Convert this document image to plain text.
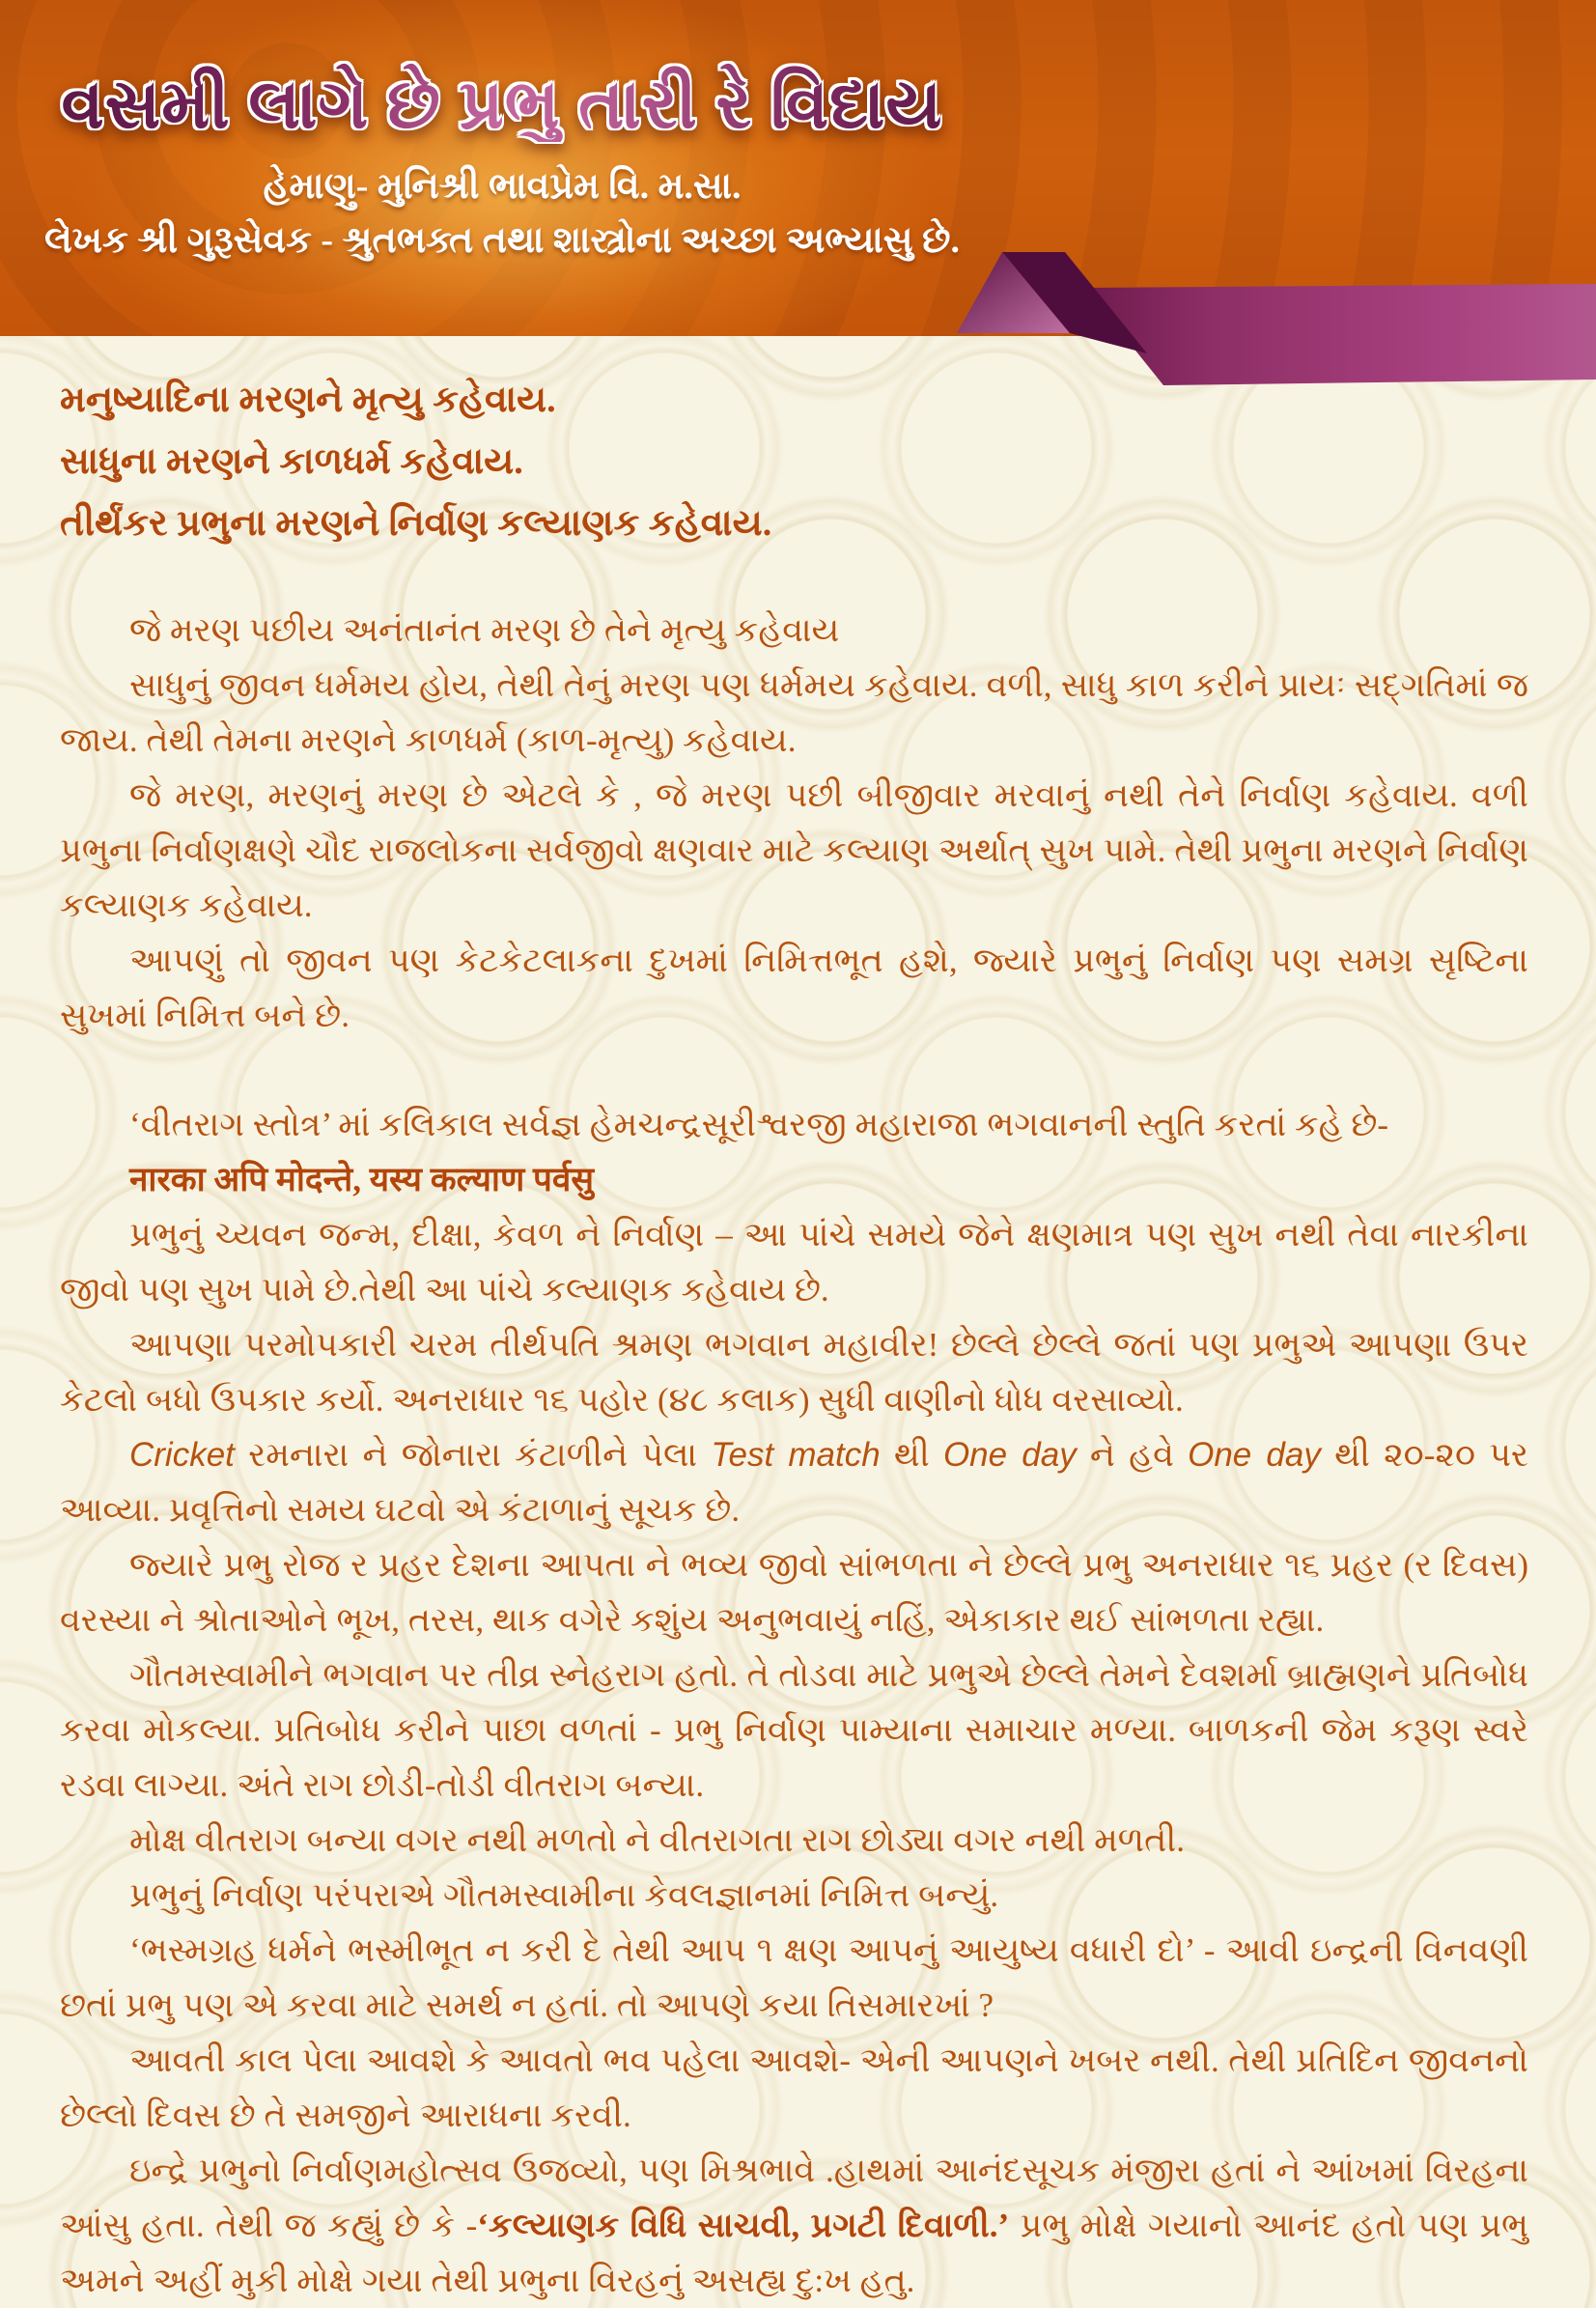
વસમી લાગે છે પ્રભુ તારી રે વિદાય
હેમાણુ- મુનિશ્રી ભાવપ્રેમ વિ. મ.સા.
લેખક શ્રી ગુરૂસેવક - શ્રુતભક્ત તથા શાસ્ત્રોના અચ્છા અભ્યાસુ છે.
મનુષ્યાદિના મરણને મૃત્યુ કહેવાય.
સાધુના મરણને કાળધર્મ કહેવાય.
તીર્થંકર પ્રભુના મરણને નિર્વાણ કલ્યાણક કહેવાય.

જે મરણ પછીય અનંતાનંત મરણ છે તેને મૃત્યુ કહેવાય

સાધુનું જીવન ધર્મમય હોય, તેથી તેનું મરણ પણ ધર્મમય કહેવાય. વળી, સાધુ કાળ કરીને પ્રાયઃ સદ્ગતિમાં જ જાય. તેથી તેમના મરણને કાળધર્મ (કાળ-મૃત્યુ) કહેવાય.

જે મરણ, મરણનું મરણ છે એટલે કે , જે મરણ પછી બીજીવાર મરવાનું નથી તેને નિર્વાણ કહેવાય. વળી પ્રભુના નિર્વાણક્ષણે ચૌદ રાજલોકના સર્વજીવો ક્ષણવાર માટે કલ્યાણ અર્થાત્ સુખ પામે. તેથી પ્રભુના મરણને નિર્વાણ કલ્યાણક કહેવાય.

આપણું તો જીવન પણ કેટકેટલાકના દુખમાં નિમિત્તભૂત હશે, જ્યારે પ્રભુનું નિર્વાણ પણ સમગ્ર સૃષ્ટિના સુખમાં નિમિત્ત બને છે.

‘વીતરાગ સ્તોત્ર’ માં કલિકાલ સર્વજ્ઞ હેમચન્દ્રસૂરીશ્વરજી મહારાજા ભગવાનની સ્તુતિ કરતાં કહે છે-

नारका अपि मोदन्ते, यस्य कल्याण पर्वसु

પ્રભુનું ચ્યવન જન્મ, દીક્ષા, કેવળ ને નિર્વાણ – આ પાંચે સમયે જેને ક્ષણમાત્ર પણ સુખ નથી તેવા નારકીના જીવો પણ સુખ પામે છે.તેથી આ પાંચે કલ્યાણક કહેવાય છે.

આપણા પરમોપકારી ચરમ તીર્થપતિ શ્રમણ ભગવાન મહાવીર! છેલ્લે છેલ્લે જતાં પણ પ્રભુએ આપણા ઉપર કેટલો બધો ઉપકાર કર્યો. અનરાધાર ૧૬ પહોર (૪૮ કલાક) સુધી વાણીનો ધોધ વરસાવ્યો.

Cricket રમનારા ને જોનારા કંટાળીને પેલા Test match થી One day ને હવે One day થી ૨૦-૨૦ પર આવ્યા. પ્રવૃત્તિનો સમય ઘટવો એ કંટાળાનું સૂચક છે.

જ્યારે પ્રભુ રોજ ર પ્રહર દેશના આપતા ને ભવ્ય જીવો સાંભળતા ને છેલ્લે પ્રભુ અનરાધાર ૧૬ પ્રહર (ર દિવસ) વરસ્યા ને શ્રોતાઓને ભૂખ, તરસ, થાક વગેરે કશુંય અનુભવાયું નહિં, એકાકાર થઈ સાંભળતા રહ્યા.

ગૌતમસ્વામીને ભગવાન પર તીવ્ર સ્નેહરાગ હતો. તે તોડવા માટે પ્રભુએ છેલ્લે તેમને દેવશર્મા બ્રાહ્મણને પ્રતિબોધ કરવા મોકલ્યા. પ્રતિબોધ કરીને પાછા વળતાં - પ્રભુ નિર્વાણ પામ્યાના સમાચાર મળ્યા. બાળકની જેમ કરૂણ સ્વરે રડવા લાગ્યા. અંતે રાગ છોડી-તોડી વીતરાગ બન્યા.

મોક્ષ વીતરાગ બન્યા વગર નથી મળતો ને વીતરાગતા રાગ છોડ્યા વગર નથી મળતી.

પ્રભુનું નિર્વાણ પરંપરાએ ગૌતમસ્વામીના કેવલજ્ઞાનમાં નિમિત્ત બન્યું.

‘ભસ્મગ્રહ ધર્મને ભસ્મીભૂત ન કરી દે તેથી આપ ૧ ક્ષણ આપનું આયુષ્ય વધારી દો’ - આવી ઇન્દ્રની વિનવણી છતાં પ્રભુ પણ એ કરવા માટે સમર્થ ન હતાં. તો આપણે કયા તિસમારખાં ?

આવતી કાલ પેલા આવશે કે આવતો ભવ પહેલા આવશે- એની આપણને ખબર નથી. તેથી પ્રતિદિન જીવનનો છેલ્લો દિવસ છે તે સમજીને આરાધના કરવી.

ઇન્દ્રે પ્રભુનો નિર્વાણમહોત્સવ ઉજવ્યો, પણ મિશ્રભાવે .હાથમાં આનંદસૂચક મંજીરા હતાં ને આંખમાં વિરહના આંસુ હતા. તેથી જ કહ્યું છે કે -‘કલ્યાણક વિધિ સાચવી, પ્રગટી દિવાળી.’ પ્રભુ મોક્ષે ગયાનો આનંદ હતો પણ પ્રભુ અમને અહીં મુકી મોક્ષે ગયા તેથી પ્રભુના વિરહનું અસહ્ય દુ:ખ હતુ.
